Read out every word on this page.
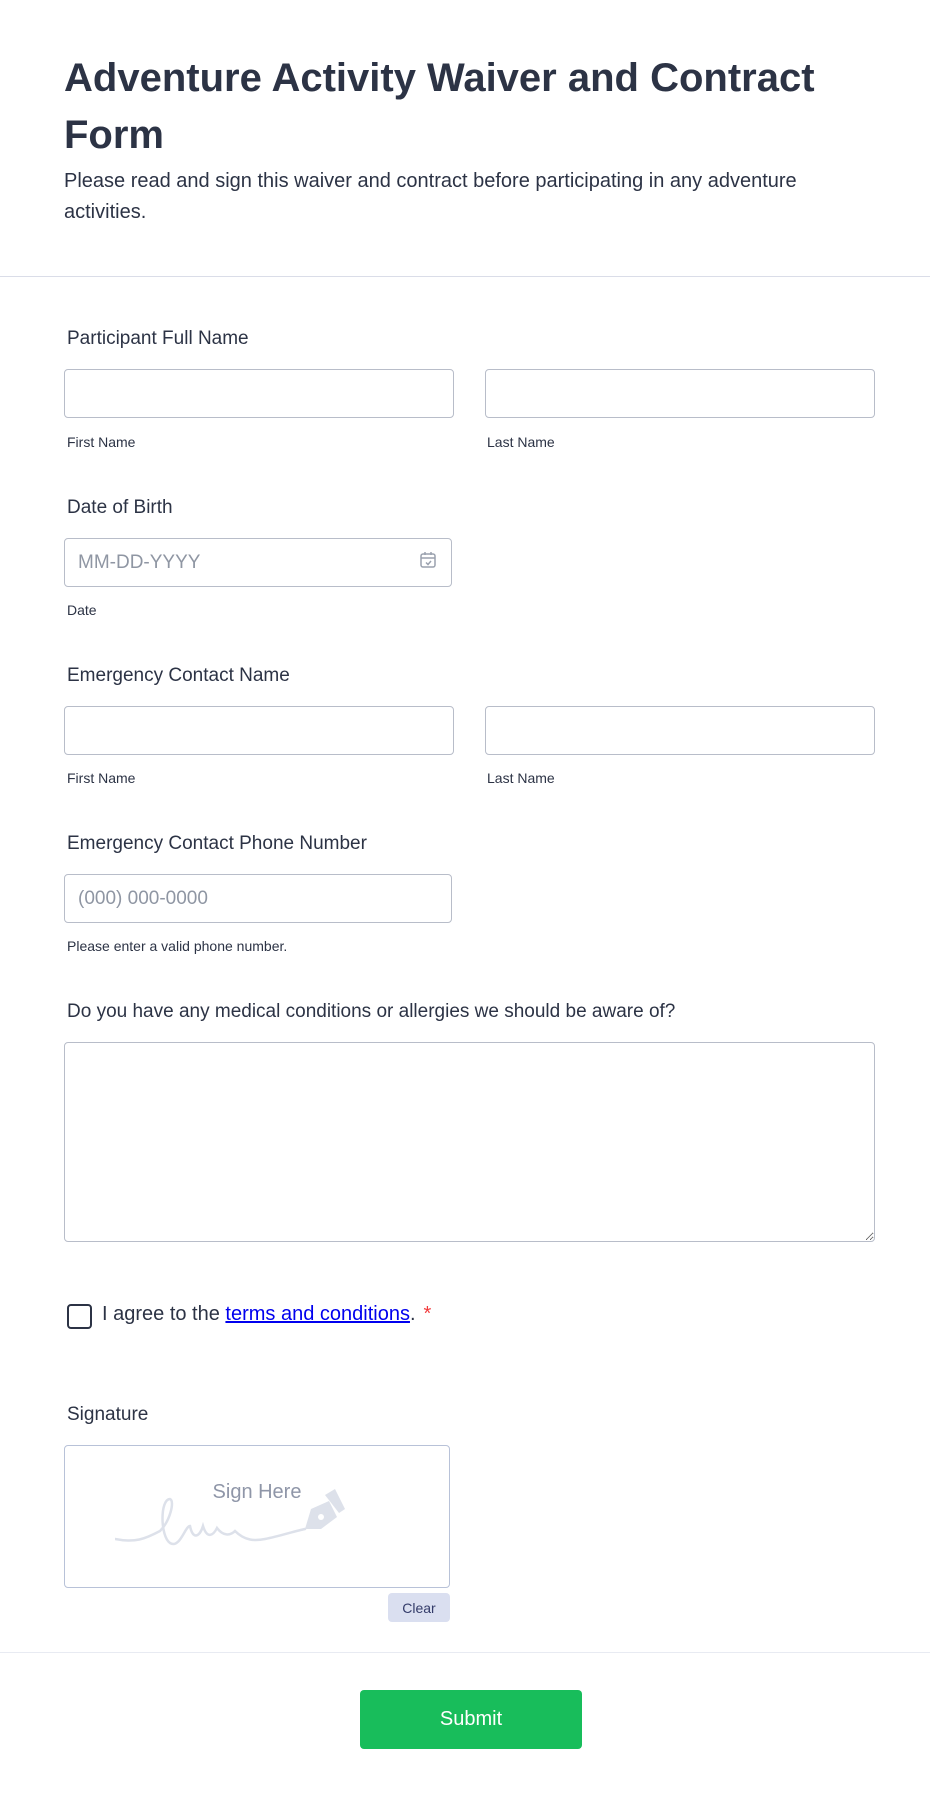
Adventure Activity Waiver and Contract Form

Please read and sign this waiver and contract before participating in any adventure activities.

Participant Full Name
First Name	Last Name
Date of Birth
MM-DD-YYYY
Date
Emergency Contact Name
First Name	Last Name
Emergency Contact Phone Number
(000) 000-0000
Please enter a valid phone number.
Do you have any medical conditions or allergies we should be aware of?
I agree to the terms and conditions. *
Signature
Sign Here
Clear
Submit
